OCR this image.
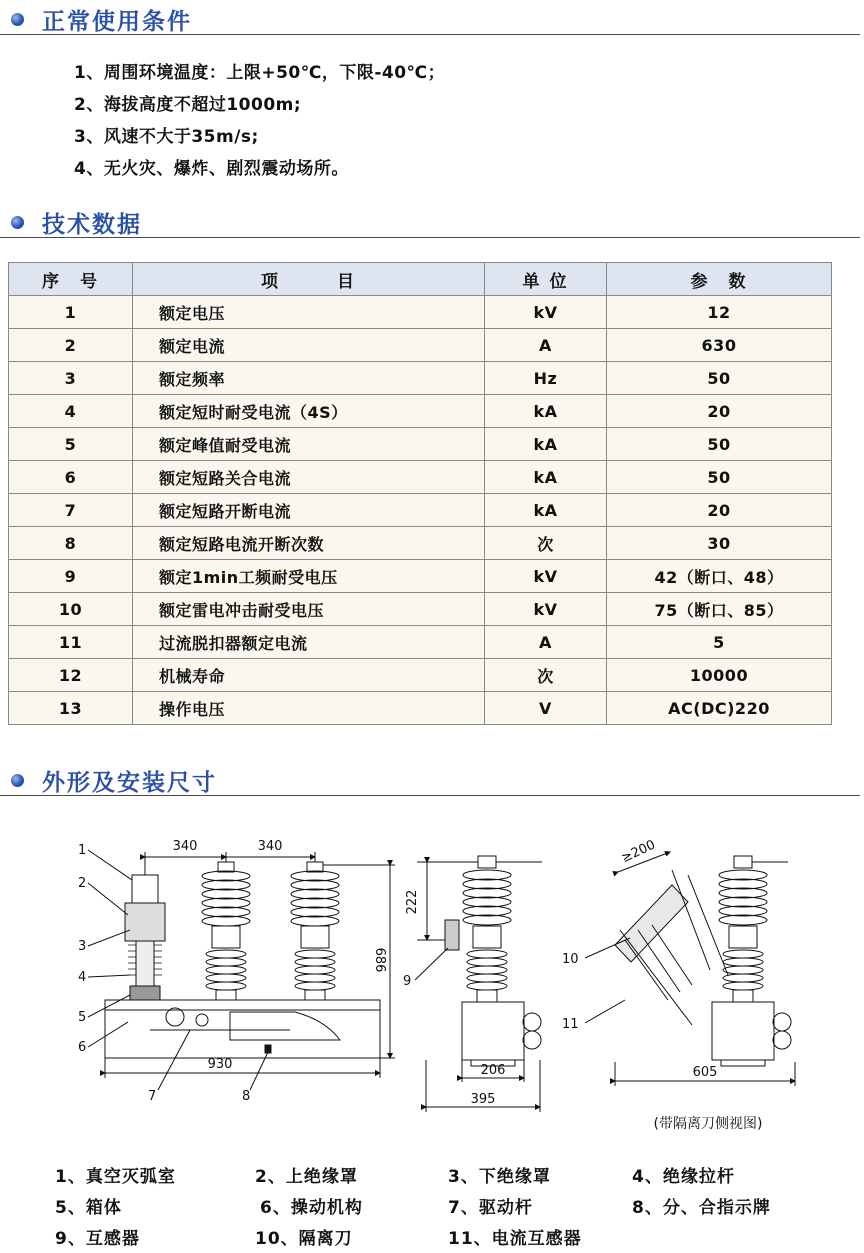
正常使用条件
1、周围环境温度：上限+50℃，下限-40℃；
2、海拔高度不超过1000m;
3、风速不大于35m/s;
4、无火灾、爆炸、剧烈震动场所。
技术数据
序　号	项　　　目	单 位	参　数
1	额定电压	kV	12
2	额定电流	A	630
3	额定频率	Hz	50
4	额定短时耐受电流（4S）	kA	20
5	额定峰值耐受电流	kA	50
6	额定短路关合电流	kA	50
7	额定短路开断电流	kA	20
8	额定短路电流开断次数	次	30
9	额定1min工频耐受电压	kV	42（断口、48）
10	额定雷电冲击耐受电压	kV	75（断口、85）
11	过流脱扣器额定电流	A	5
12	机械寿命	次	10000
13	操作电压	V	AC(DC)220
外形及安装尺寸
340	340
686
930
222
206
395
≥200
605
1
2
3
4
5
6
7	8
9
10
11
(带隔离刀侧视图)
1、真空灭弧室	2、上绝缘罩	3、下绝缘罩	4、绝缘拉杆
5、箱体	6、操动机构	7、驱动杆	8、分、合指示牌
9、互感器	10、隔离刀	11、电流互感器
